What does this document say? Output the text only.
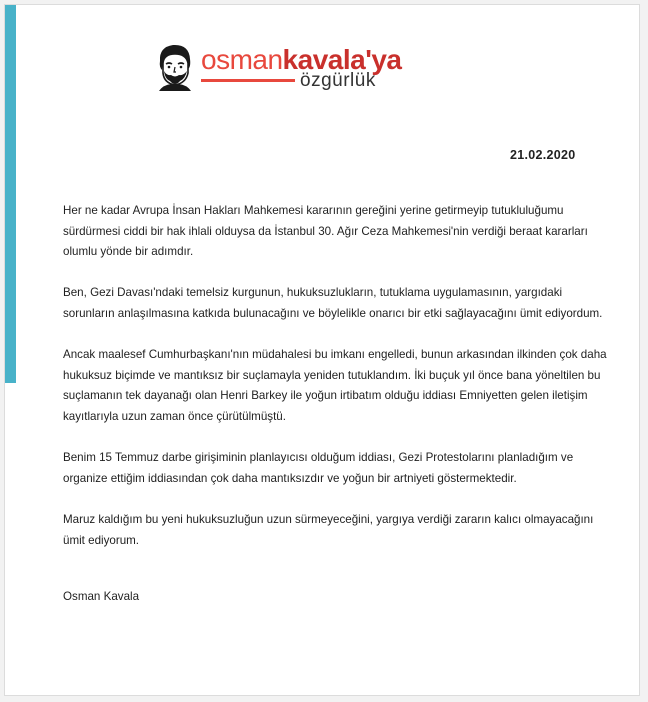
osmankavala'ya
özgürlük
21.02.2020

Her ne kadar Avrupa İnsan Hakları Mahkemesi kararının gereğini yerine getirmeyip tutukluluğumu sürdürmesi ciddi bir hak ihlali olduysa da İstanbul 30. Ağır Ceza Mahkemesi'nin verdiği beraat kararları olumlu yönde bir adımdır.

Ben, Gezi Davası'ndaki temelsiz kurgunun, hukuksuzlukların, tutuklama uygulamasının, yargıdaki sorunların anlaşılmasına katkıda bulunacağını ve böylelikle onarıcı bir etki sağlayacağını ümit ediyordum.

Ancak maalesef Cumhurbaşkanı'nın müdahalesi bu imkanı engelledi, bunun arkasından ilkinden çok daha hukuksuz biçimde ve mantıksız bir suçlamayla yeniden tutuklandım. İki buçuk yıl önce bana yöneltilen bu suçlamanın tek dayanağı olan Henri Barkey ile yoğun irtibatım olduğu iddiası Emniyetten gelen iletişim kayıtlarıyla uzun zaman önce çürütülmüştü.

Benim 15 Temmuz darbe girişiminin planlayıcısı olduğum iddiası, Gezi Protestolarını planladığım ve organize ettiğim iddiasından çok daha mantıksızdır ve yoğun bir artniyeti göstermektedir.

Maruz kaldığım bu yeni hukuksuzluğun uzun sürmeyeceğini, yargıya verdiği zararın kalıcı olmayacağını ümit ediyorum.

Osman Kavala
